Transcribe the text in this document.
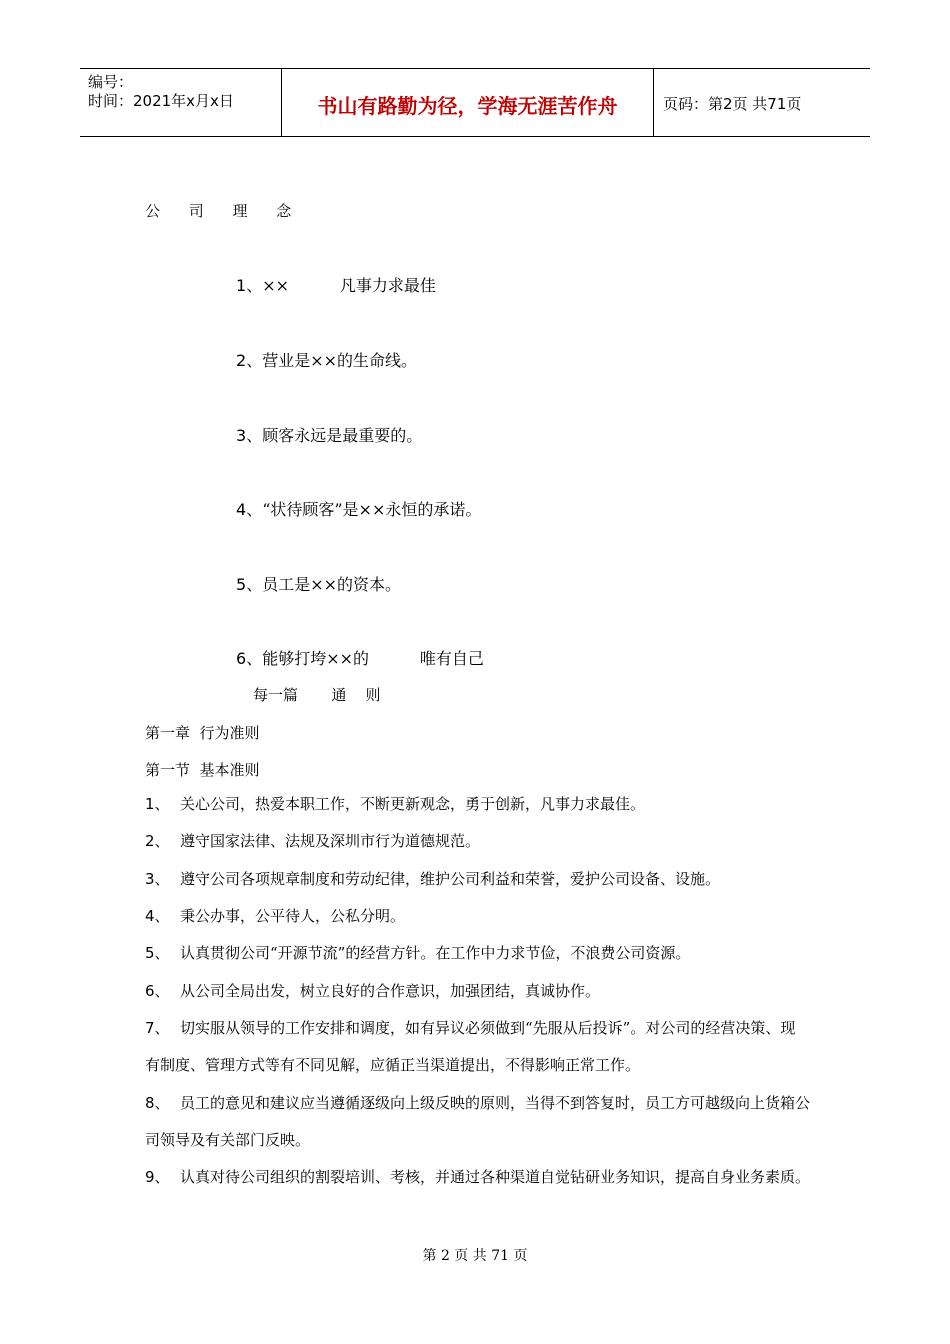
编号：
时间：2021年x月x日	书山有路勤为径，学海无涯苦作舟	页码：第2页 共71页
公 司 理 念
1、××          凡事力求最佳
2、营业是××的生命线。
3、顾客永远是最重要的。
4、“状待顾客”是××永恒的承诺。
5、员工是××的资本。
6、能够打垮××的          唯有自己
每一篇       通    则
第一章  行为准则
第一节  基本准则
1、 关心公司，热爱本职工作，不断更新观念，勇于创新，凡事力求最佳。
2、 遵守国家法律、法规及深圳市行为道德规范。
3、 遵守公司各项规章制度和劳动纪律，维护公司利益和荣誉，爱护公司设备、设施。
4、 秉公办事，公平待人，公私分明。
5、 认真贯彻公司“开源节流”的经营方针。在工作中力求节俭，不浪费公司资源。
6、 从公司全局出发，树立良好的合作意识，加强团结，真诚协作。
7、 切实服从领导的工作安排和调度，如有异议必须做到“先服从后投诉”。对公司的经营决策、现有制度、管理方式等有不同见解，应循正当渠道提出，不得影响正常工作。
8、 员工的意见和建议应当遵循逐级向上级反映的原则，当得不到答复时，员工方可越级向上货箱公司领导及有关部门反映。
9、 认真对待公司组织的割裂培训、考核，并通过各种渠道自觉钻研业务知识，提高自身业务素质。
第 2 页 共 71 页
